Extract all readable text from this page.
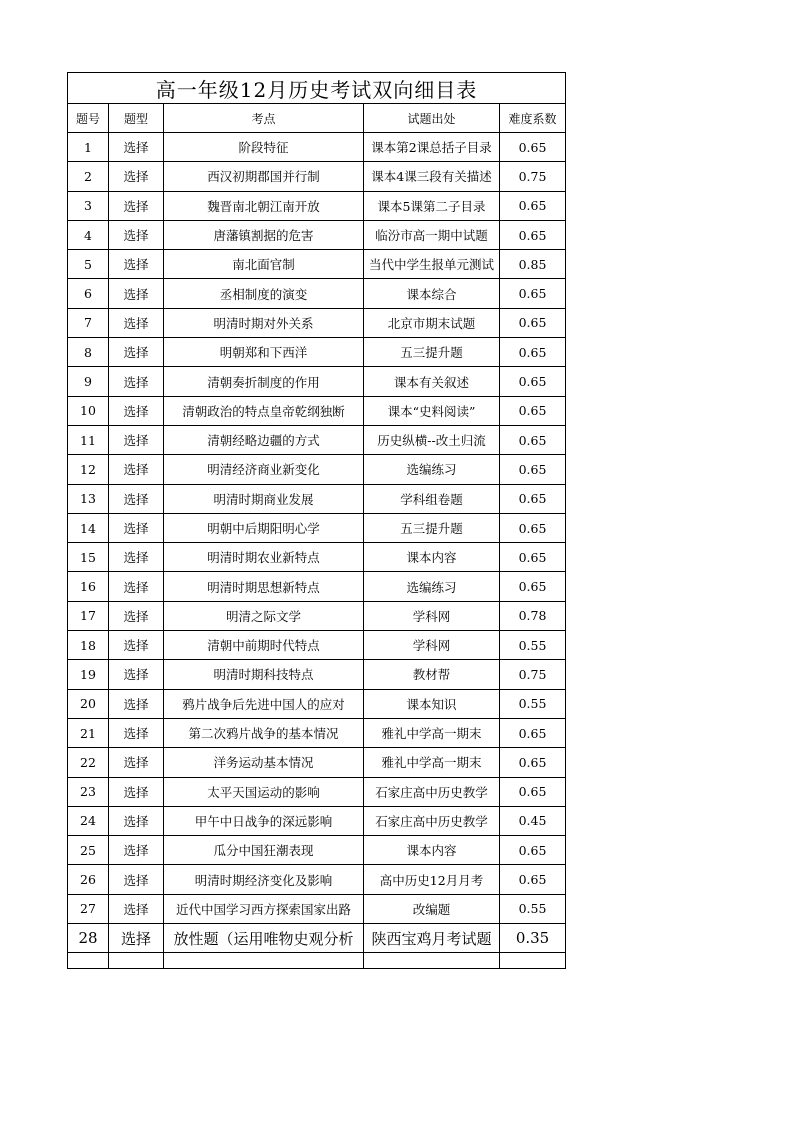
高一年级12月历史考试双向细目表				
题号	题型	考点	试题出处	难度系数
1	选择	阶段特征	课本第2课总括子目录	0.65
2	选择	西汉初期郡国并行制	课本4课三段有关描述	0.75
3	选择	魏晋南北朝江南开放	课本5课第二子目录	0.65
4	选择	唐藩镇割据的危害	临汾市高一期中试题	0.65
5	选择	南北面官制	当代中学生报单元测试	0.85
6	选择	丞相制度的演变	课本综合	0.65
7	选择	明清时期对外关系	北京市期末试题	0.65
8	选择	明朝郑和下西洋	五三提升题	0.65
9	选择	清朝奏折制度的作用	课本有关叙述	0.65
10	选择	清朝政治的特点皇帝乾纲独断	课本“史料阅读”	0.65
11	选择	清朝经略边疆的方式	历史纵横--改土归流	0.65
12	选择	明清经济商业新变化	选编练习	0.65
13	选择	明清时期商业发展	学科组卷题	0.65
14	选择	明朝中后期阳明心学	五三提升题	0.65
15	选择	明清时期农业新特点	课本内容	0.65
16	选择	明清时期思想新特点	选编练习	0.65
17	选择	明清之际文学	学科网	0.78
18	选择	清朝中前期时代特点	学科网	0.55
19	选择	明清时期科技特点	教材帮	0.75
20	选择	鸦片战争后先进中国人的应对	课本知识	0.55
21	选择	第二次鸦片战争的基本情况	雅礼中学高一期末	0.65
22	选择	洋务运动基本情况	雅礼中学高一期末	0.65
23	选择	太平天国运动的影响	石家庄高中历史教学	0.65
24	选择	甲午中日战争的深远影响	石家庄高中历史教学	0.45
25	选择	瓜分中国狂潮表现	课本内容	0.65
26	选择	明清时期经济变化及影响	高中历史12月月考	0.65
27	选择	近代中国学习西方探索国家出路	改编题	0.55
28	选择	放性题（运用唯物史观分析	陕西宝鸡月考试题	0.35
